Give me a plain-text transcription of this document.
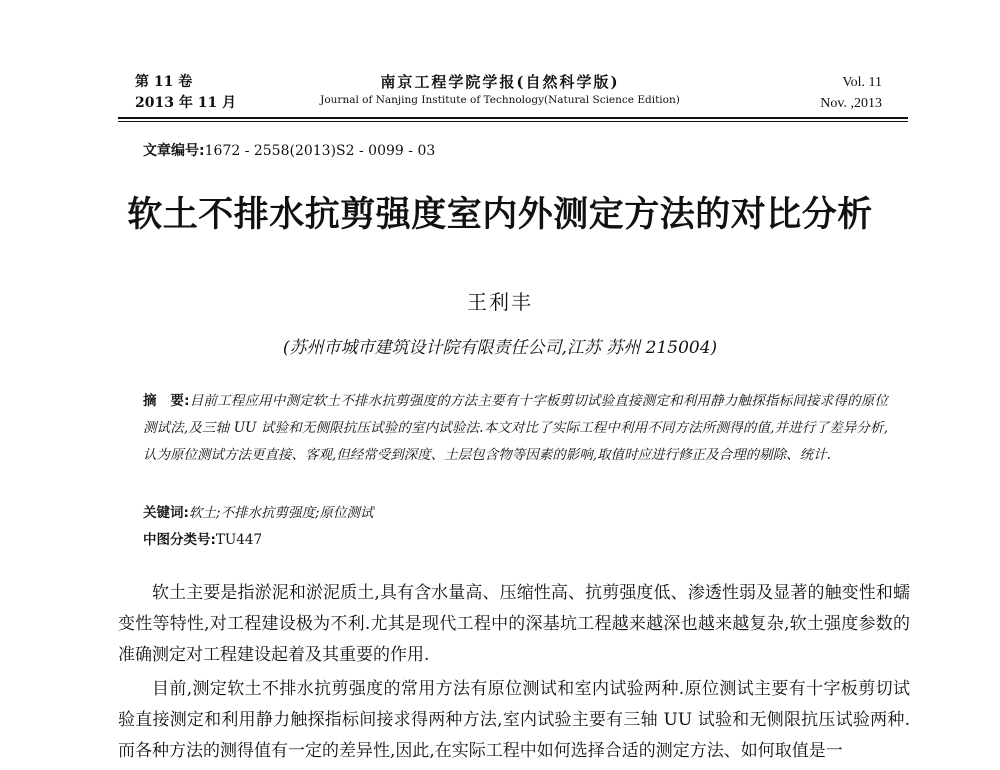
第 11 卷
2013 年 11 月
南京工程学院学报(自然科学版)
Journal of Nanjing Institute of Technology(Natural Science Edition)
Vol. 11
Nov. ,2013
文章编号:1672 - 2558(2013)S2 - 0099 - 03
软土不排水抗剪强度室内外测定方法的对比分析
王利丰
(苏州市城市建筑设计院有限责任公司,江苏 苏州 215004)
摘　要:目前工程应用中测定软土不排水抗剪强度的方法主要有十字板剪切试验直接测定和利用静力触探指标间接求得的原位测试法,及三轴 UU 试验和无侧限抗压试验的室内试验法.本文对比了实际工程中利用不同方法所测得的值,并进行了差异分析,认为原位测试方法更直接、客观,但经常受到深度、土层包含物等因素的影响,取值时应进行修正及合理的剔除、统计.
关键词:软土;不排水抗剪强度;原位测试
中图分类号:TU447

软土主要是指淤泥和淤泥质土,具有含水量高、压缩性高、抗剪强度低、渗透性弱及显著的触变性和蠕变性等特性,对工程建设极为不利.尤其是现代工程中的深基坑工程越来越深也越来越复杂,软土强度参数的准确测定对工程建设起着及其重要的作用.

目前,测定软土不排水抗剪强度的常用方法有原位测试和室内试验两种.原位测试主要有十字板剪切试验直接测定和利用静力触探指标间接求得两种方法,室内试验主要有三轴 UU 试验和无侧限抗压试验两种.而各种方法的测得值有一定的差异性,因此,在实际工程中如何选择合适的测定方法、如何取值是一
